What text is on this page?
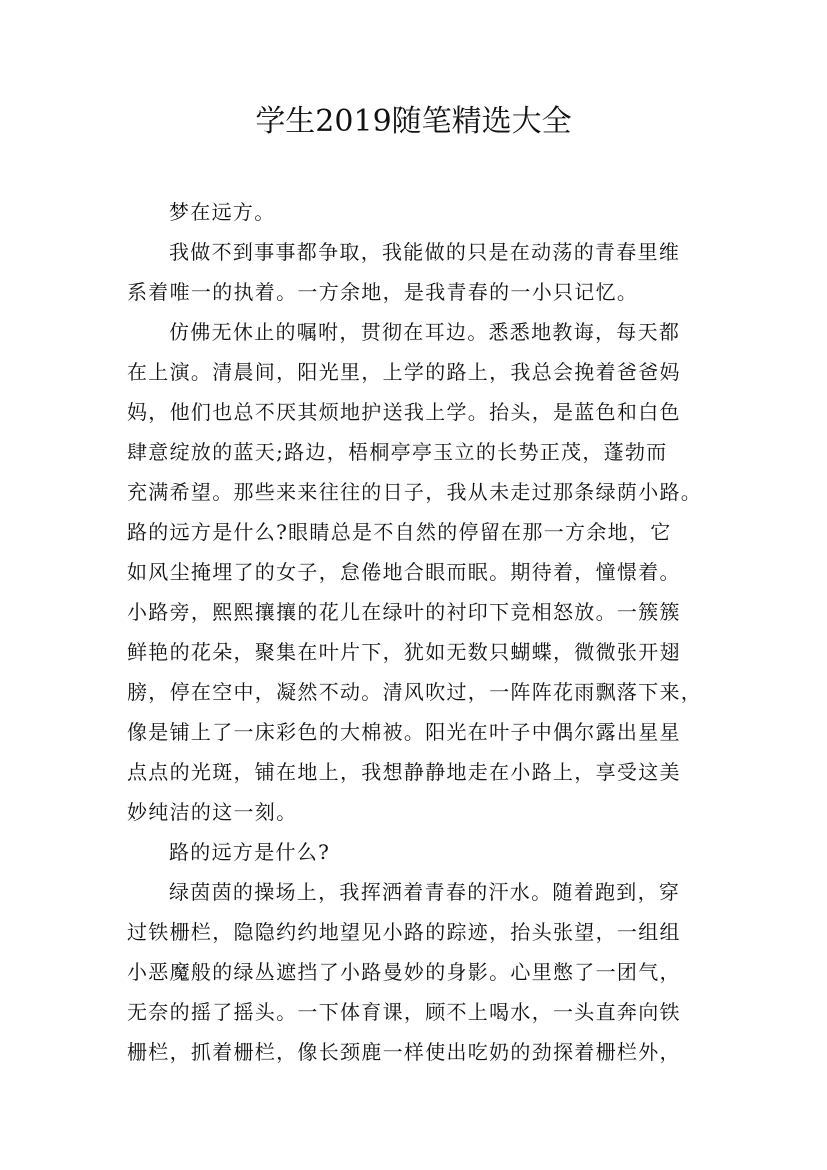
学生2019随笔精选大全
梦在远方。
我做不到事事都争取，我能做的只是在动荡的青春里维
系着唯一的执着。一方余地，是我青春的一小只记忆。
仿佛无休止的嘱咐，贯彻在耳边。悉悉地教诲，每天都
在上演。清晨间，阳光里，上学的路上，我总会挽着爸爸妈
妈，他们也总不厌其烦地护送我上学。抬头，是蓝色和白色
肆意绽放的蓝天;路边，梧桐亭亭玉立的长势正茂，蓬勃而
充满希望。那些来来往往的日子，我从未走过那条绿荫小路。
路的远方是什么?眼睛总是不自然的停留在那一方余地，它
如风尘掩埋了的女子，怠倦地合眼而眠。期待着，憧憬着。
小路旁，熙熙攘攘的花儿在绿叶的衬印下竞相怒放。一簇簇
鲜艳的花朵，聚集在叶片下，犹如无数只蝴蝶，微微张开翅
膀，停在空中，凝然不动。清风吹过，一阵阵花雨飘落下来，
像是铺上了一床彩色的大棉被。阳光在叶子中偶尔露出星星
点点的光斑，铺在地上，我想静静地走在小路上，享受这美
妙纯洁的这一刻。
路的远方是什么?
绿茵茵的操场上，我挥洒着青春的汗水。随着跑到，穿
过铁栅栏，隐隐约约地望见小路的踪迹，抬头张望，一组组
小恶魔般的绿丛遮挡了小路曼妙的身影。心里憋了一团气，
无奈的摇了摇头。一下体育课，顾不上喝水，一头直奔向铁
栅栏，抓着栅栏，像长颈鹿一样使出吃奶的劲探着栅栏外，
